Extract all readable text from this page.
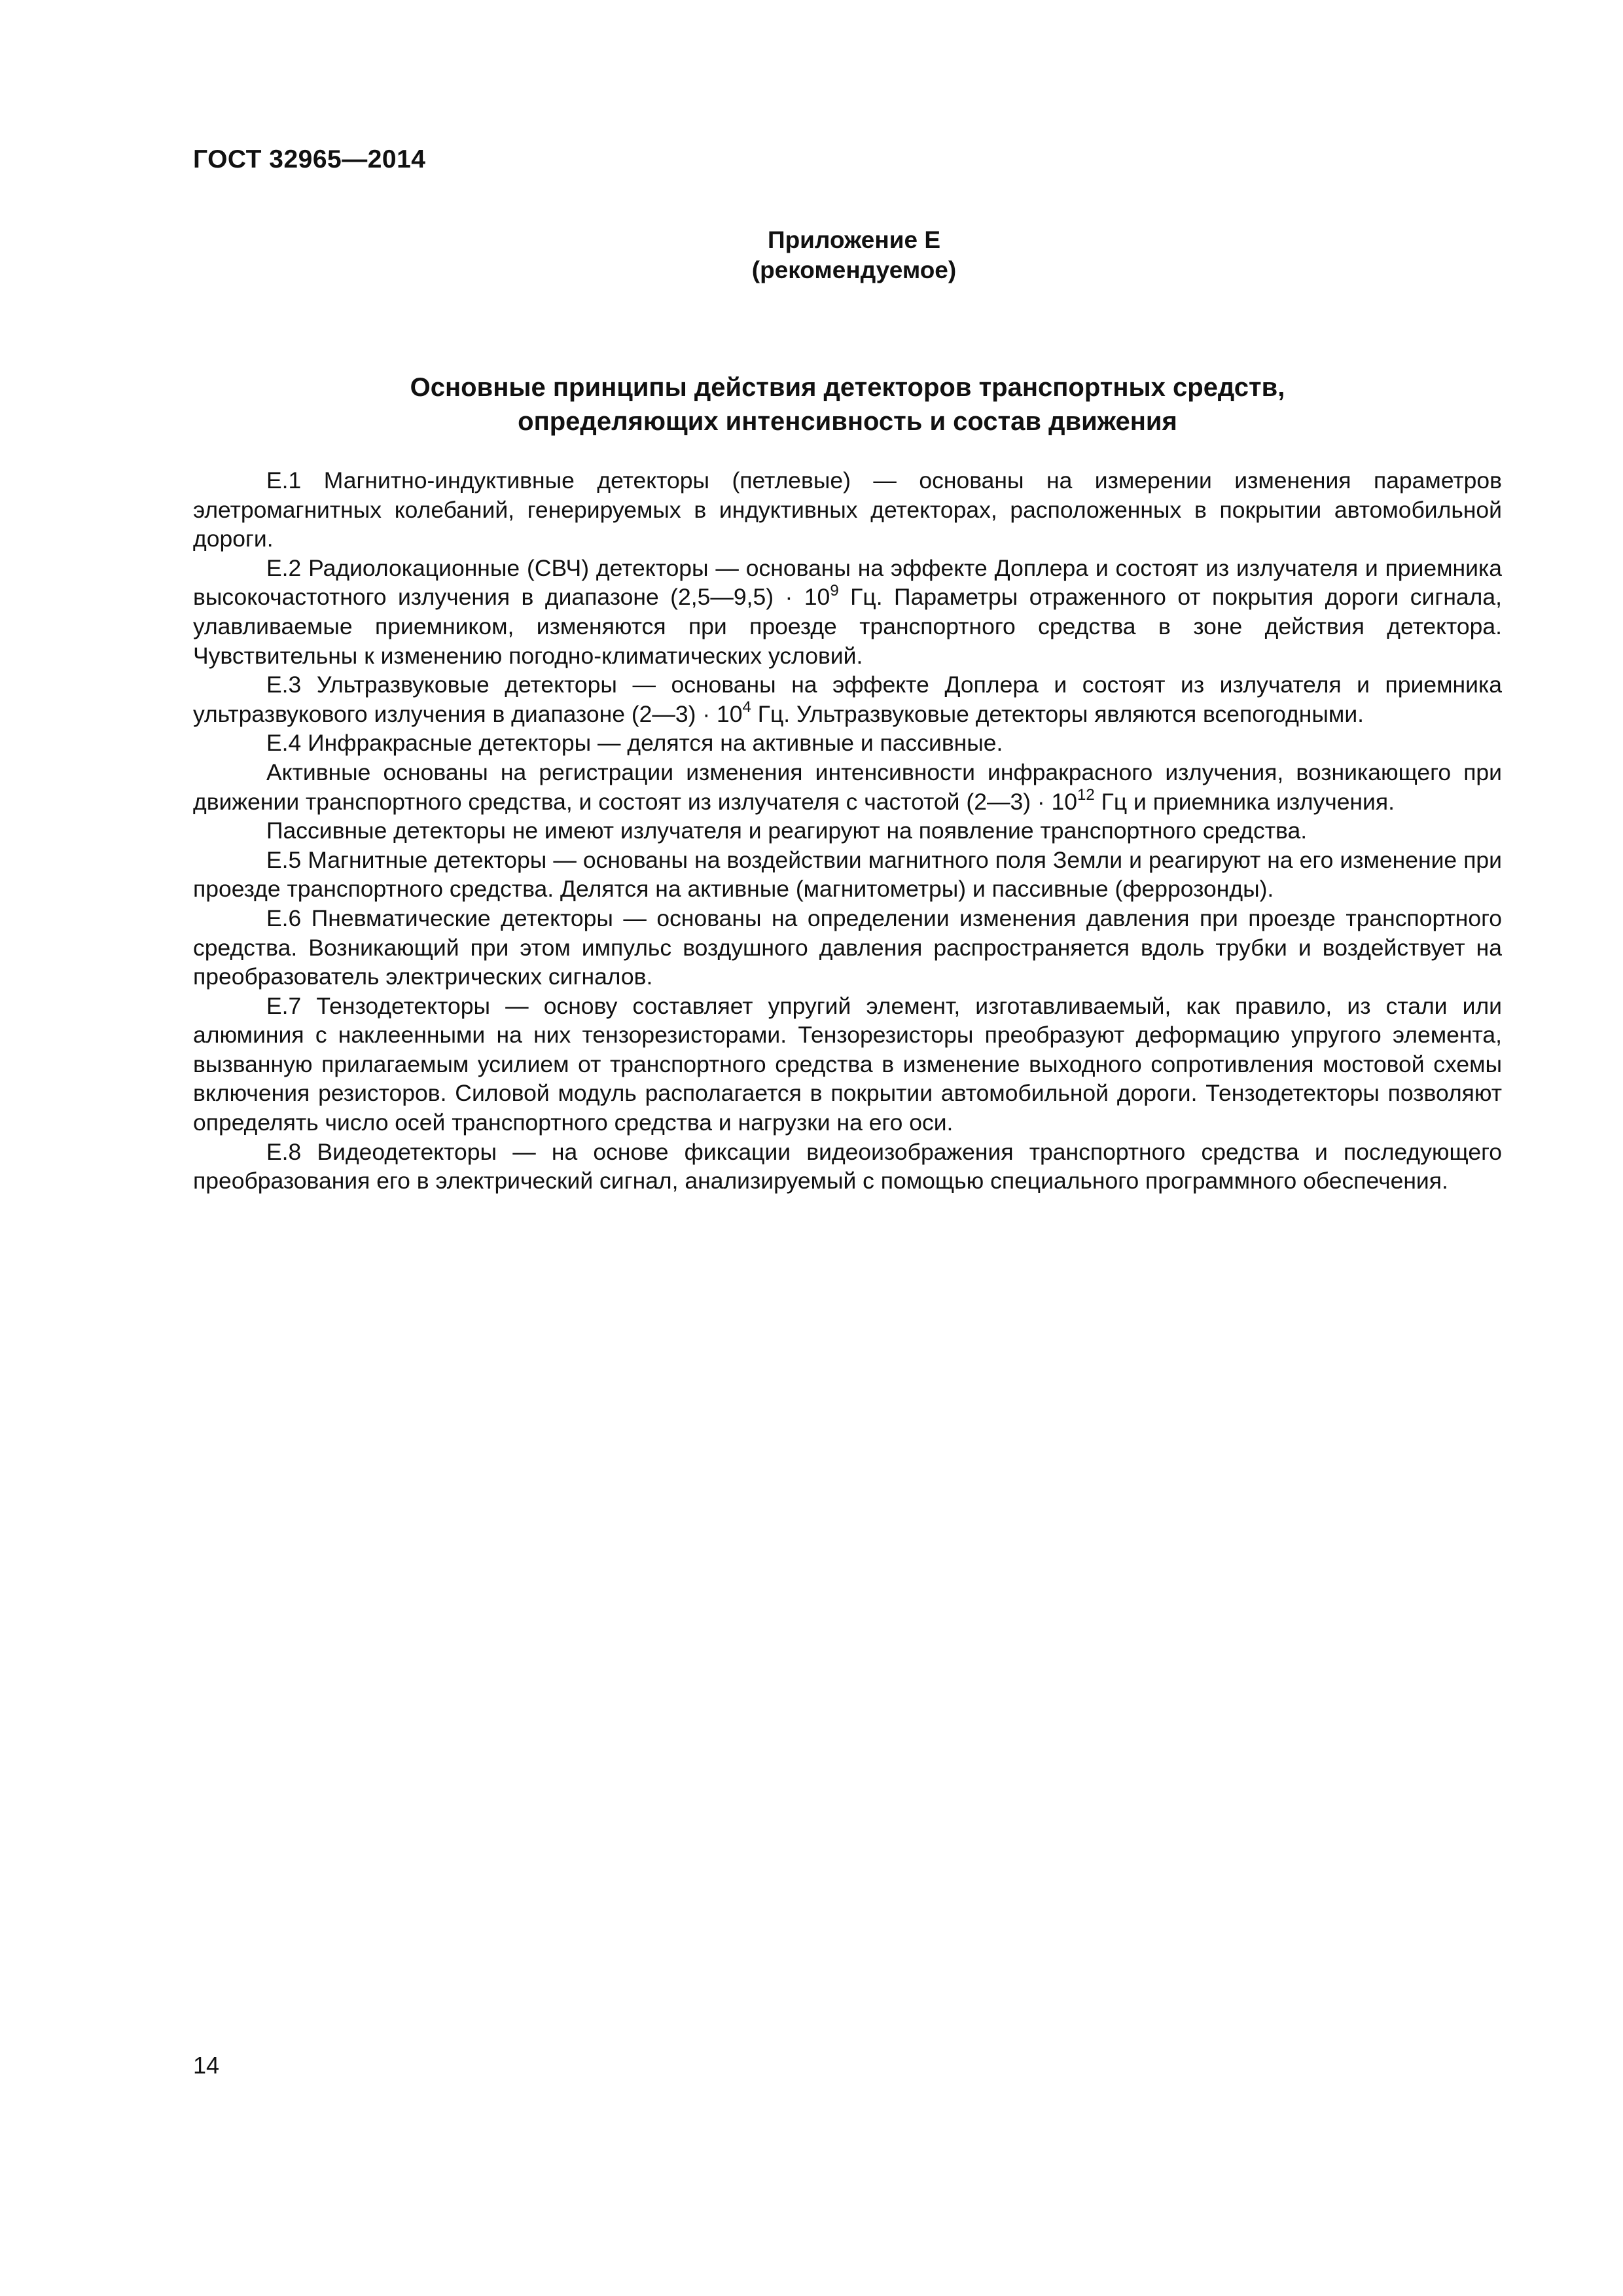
ГОСТ 32965—2014
Приложение Е
(рекомендуемое)
Основные принципы действия детекторов транспортных средств,
определяющих интенсивность и состав движения

Е.1 Магнитно-индуктивные детекторы (петлевые) — основаны на измерении изменения параметров элетромагнитных колебаний, генерируемых в индуктивных детекторах, расположенных в покрытии автомобильной дороги.

Е.2 Радиолокационные (СВЧ) детекторы — основаны на эффекте Доплера и состоят из излучателя и приемника высокочастотного излучения в диапазоне (2,5—9,5) · $10^9$ Гц. Параметры отраженного от покрытия дороги сигнала, улавливаемые приемником, изменяются при проезде транспортного средства в зоне действия детектора. Чувствительны к изменению погодно-климатических условий.

Е.3 Ультразвуковые детекторы — основаны на эффекте Доплера и состоят из излучателя и приемника ультразвукового излучения в диапазоне (2—3) · $10^4$ Гц. Ультразвуковые детекторы являются всепогодными.

Е.4 Инфракрасные детекторы — делятся на активные и пассивные.

Активные основаны на регистрации изменения интенсивности инфракрасного излучения, возникающего при движении транспортного средства, и состоят из излучателя с частотой (2—3) · $10^{12}$ Гц и приемника излучения.

Пассивные детекторы не имеют излучателя и реагируют на появление транспортного средства.

Е.5 Магнитные детекторы — основаны на воздействии магнитного поля Земли и реагируют на его изменение при проезде транспортного средства. Делятся на активные (магнитометры) и пассивные (феррозонды).

Е.6 Пневматические детекторы — основаны на определении изменения давления при проезде транспортного средства. Возникающий при этом импульс воздушного давления распространяется вдоль трубки и воздействует на преобразователь электрических сигналов.

Е.7 Тензодетекторы — основу составляет упругий элемент, изготавливаемый, как правило, из стали или алюминия с наклеенными на них тензорезисторами. Тензорезисторы преобразуют деформацию упругого элемента, вызванную прилагаемым усилием от транспортного средства в изменение выходного сопротивления мостовой схемы включения резисторов. Силовой модуль располагается в покрытии автомобильной дороги. Тензодетекторы позволяют определять число осей транспортного средства и нагрузки на его оси.

Е.8 Видеодетекторы — на основе фиксации видеоизображения транспортного средства и последующего преобразования его в электрический сигнал, анализируемый с помощью специального программного обеспечения.

14
